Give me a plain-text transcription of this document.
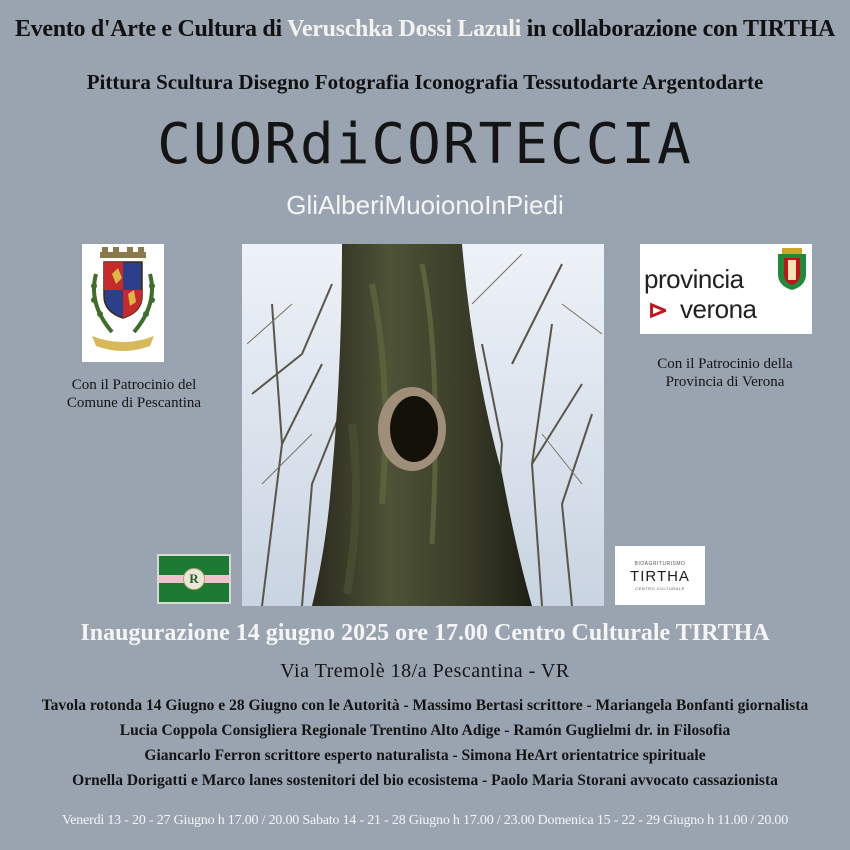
Evento d'Arte e Cultura di Veruschka Dossi Lazuli in collaborazione con TIRTHA
Pittura Scultura Disegno Fotografia Iconografia Tessutodarte Argentodarte
CUORdiCORTECCIA
GliAlberiMuoionoInPiedi
Con il Patrocinio del
Comune di Pescantina
provincia
⊳ verona
Con il Patrocinio della
Provincia di Verona
R
BIOAGRITURISMO
TIRTHA
CENTRO CULTURALE
Inaugurazione 14 giugno 2025 ore 17.00 Centro Culturale TIRTHA
Via Tremolè 18/a Pescantina - VR
Tavola rotonda 14 Giugno e 28 Giugno con le Autorità - Massimo Bertasi scrittore - Mariangela Bonfanti giornalista
Lucia Coppola Consigliera Regionale Trentino Alto Adige - Ramón Guglielmi dr. in Filosofia
Giancarlo Ferron scrittore esperto naturalista - Simona HeArt orientatrice spirituale
Ornella Dorigatti e Marco lanes sostenitori del bio ecosistema - Paolo Maria Storani avvocato cassazionista
Venerdì 13 - 20 - 27 Giugno h 17.00 / 20.00 Sabato 14 - 21 - 28 Giugno h 17.00 / 23.00 Domenica 15 - 22 - 29 Giugno h 11.00 / 20.00
